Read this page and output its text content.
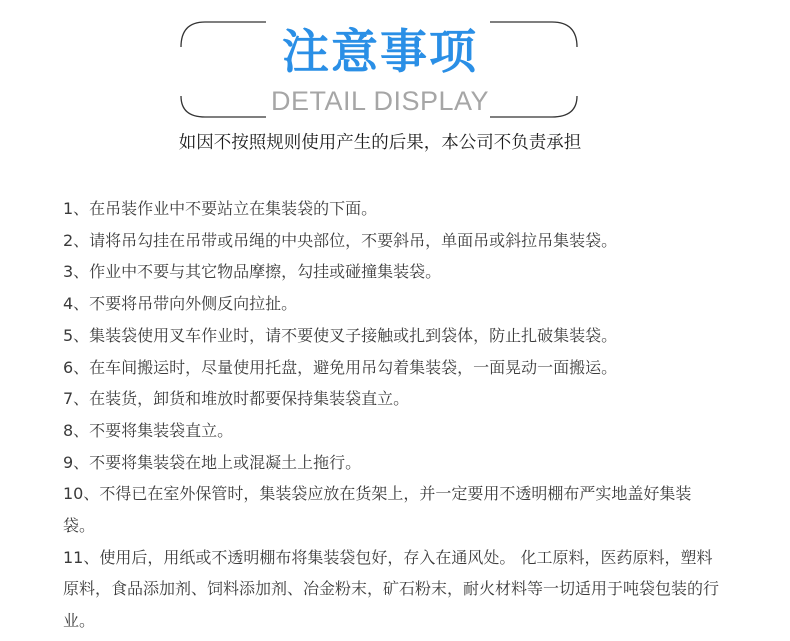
注意事项
DETAIL DISPLAY
如因不按照规则使用产生的后果，本公司不负责承担
1、在吊装作业中不要站立在集装袋的下面。
2、请将吊勾挂在吊带或吊绳的中央部位，不要斜吊，单面吊或斜拉吊集装袋。
3、作业中不要与其它物品摩擦，勾挂或碰撞集装袋。
4、不要将吊带向外侧反向拉扯。
5、集装袋使用叉车作业时，请不要使叉子接触或扎到袋体，防止扎破集装袋。
6、在车间搬运时，尽量使用托盘，避免用吊勾着集装袋，一面晃动一面搬运。
7、在装货，卸货和堆放时都要保持集装袋直立。
8、不要将集装袋直立。
9、不要将集装袋在地上或混凝土上拖行。
10、不得已在室外保管时，集装袋应放在货架上，并一定要用不透明棚布严实地盖好集装袋。
11、使用后，用纸或不透明棚布将集装袋包好，存入在通风处。 化工原料，医药原料，塑料原料，食品添加剂、饲料添加剂、冶金粉末，矿石粉末，耐火材料等一切适用于吨袋包装的行业。
